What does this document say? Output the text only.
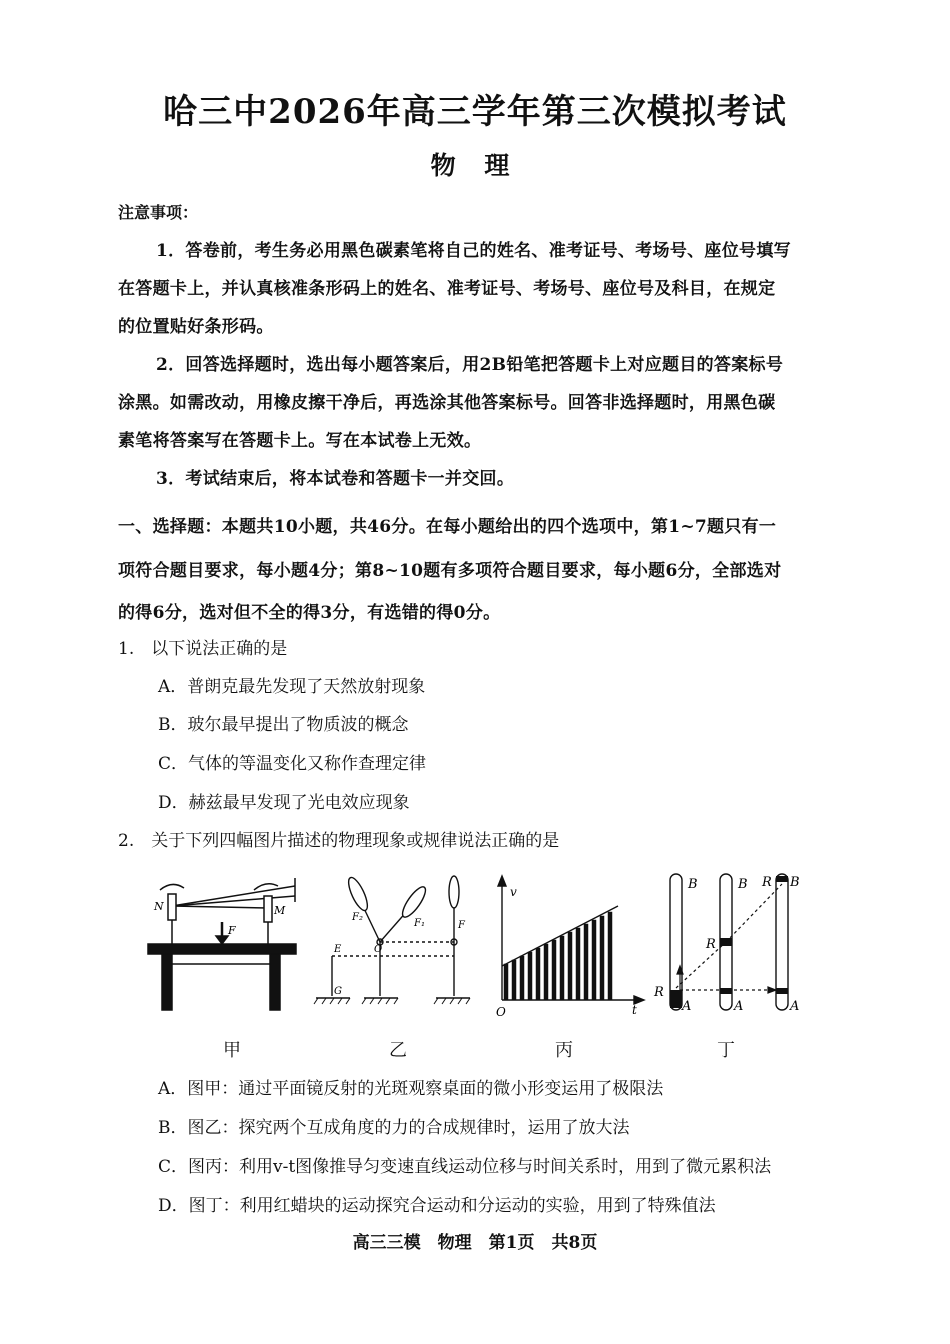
哈三中2026年高三学年第三次模拟考试
物 理
注意事项：
1．答卷前，考生务必用黑色碳素笔将自己的姓名、准考证号、考场号、座位号填写
在答题卡上，并认真核准条形码上的姓名、准考证号、考场号、座位号及科目，在规定
的位置贴好条形码。
2．回答选择题时，选出每小题答案后，用2B铅笔把答题卡上对应题目的答案标号
涂黑。如需改动，用橡皮擦干净后，再选涂其他答案标号。回答非选择题时，用黑色碳
素笔将答案写在答题卡上。写在本试卷上无效。
3．考试结束后，将本试卷和答题卡一并交回。
一、选择题：本题共10小题，共46分。在每小题给出的四个选项中，第1~7题只有一
项符合题目要求，每小题4分；第8~10题有多项符合题目要求，每小题6分，全部选对
的得6分，选对但不全的得3分，有选错的得0分。
1.　以下说法正确的是
A．普朗克最先发现了天然放射现象
B．玻尔最早提出了物质波的概念
C．气体的等温变化又称作查理定律
D．赫兹最早发现了光电效应现象
2.　关于下列四幅图片描述的物理现象或规律说法正确的是
N	M
F
F₂
F₁	F
O
E
G
v
t
O
B	B	B
R
R
R
A	A	A
甲	乙	丙	丁
A．图甲：通过平面镜反射的光斑观察桌面的微小形变运用了极限法
B．图乙：探究两个互成角度的力的合成规律时，运用了放大法
C．图丙：利用v-t图像推导匀变速直线运动位移与时间关系时，用到了微元累积法
D．图丁：利用红蜡块的运动探究合运动和分运动的实验，用到了特殊值法
高三三模　物理　第1页　共8页
